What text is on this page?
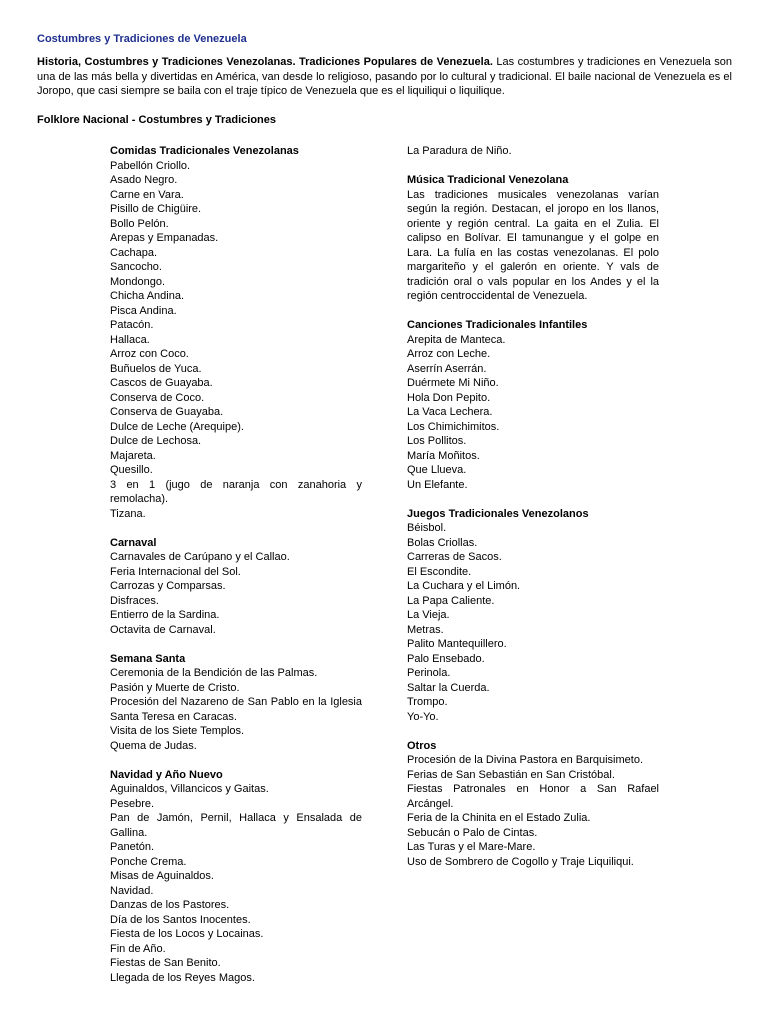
Costumbres y Tradiciones de Venezuela

Historia, Costumbres y Tradiciones Venezolanas. Tradiciones Populares de Venezuela. Las costumbres y tradiciones en Venezuela son una de las más bella y divertidas en América, van desde lo religioso, pasando por lo cultural y tradicional. El baile nacional de Venezuela es el Joropo, que casi siempre se baila con el traje típico de Venezuela que es el liquiliqui o liquilique.

Folklore Nacional - Costumbres y Tradiciones
Comidas Tradicionales Venezolanas
Pabellón Criollo.
Asado Negro.
Carne en Vara.
Pisillo de Chigüire.
Bollo Pelón.
Arepas y Empanadas.
Cachapa.
Sancocho.
Mondongo.
Chicha Andina.
Pisca Andina.
Patacón.
Hallaca.
Arroz con Coco.
Buñuelos de Yuca.
Cascos de Guayaba.
Conserva de Coco.
Conserva de Guayaba.
Dulce de Leche (Arequipe).
Dulce de Lechosa.
Majareta.
Quesillo.
3 en 1 (jugo de naranja con zanahoria y remolacha).
Tizana.
Carnaval
Carnavales de Carúpano y el Callao.
Feria Internacional del Sol.
Carrozas y Comparsas.
Disfraces.
Entierro de la Sardina.
Octavita de Carnaval.
Semana Santa
Ceremonia de la Bendición de las Palmas.
Pasión y Muerte de Cristo.
Procesión del Nazareno de San Pablo en la Iglesia Santa Teresa en Caracas.
Visita de los Siete Templos.
Quema de Judas.
Navidad y Año Nuevo
Aguinaldos, Villancicos y Gaitas.
Pesebre.
Pan de Jamón, Pernil, Hallaca y Ensalada de Gallina.
Panetón.
Ponche Crema.
Misas de Aguinaldos.
Navidad.
Danzas de los Pastores.
Día de los Santos Inocentes.
Fiesta de los Locos y Locainas.
Fin de Año.
Fiestas de San Benito.
Llegada de los Reyes Magos.
La Paradura de Niño.
Música Tradicional Venezolana
Las tradiciones musicales venezolanas varían según la región. Destacan, el joropo en los llanos, oriente y región central. La gaita en el Zulia. El calipso en Bolívar. El tamunangue y el golpe en Lara. La fulía en las costas venezolanas. El polo margariteño y el galerón en oriente. Y vals de tradición oral o vals popular en los Andes y el la región centroccidental de Venezuela.
Canciones Tradicionales Infantiles
Arepita de Manteca.
Arroz con Leche.
Aserrín Aserrán.
Duérmete Mi Niño.
Hola Don Pepito.
La Vaca Lechera.
Los Chimichimitos.
Los Pollitos.
María Moñitos.
Que Llueva.
Un Elefante.
Juegos Tradicionales Venezolanos
Béisbol.
Bolas Criollas.
Carreras de Sacos.
El Escondite.
La Cuchara y el Limón.
La Papa Caliente.
La Vieja.
Metras.
Palito Mantequillero.
Palo Ensebado.
Perinola.
Saltar la Cuerda.
Trompo.
Yo-Yo.
Otros
Procesión de la Divina Pastora en Barquisimeto.
Ferias de San Sebastián en San Cristóbal.
Fiestas Patronales en Honor a San Rafael Arcángel.
Feria de la Chinita en el Estado Zulia.
Sebucán o Palo de Cintas.
Las Turas y el Mare-Mare.
Uso de Sombrero de Cogollo y Traje Liquiliqui.
